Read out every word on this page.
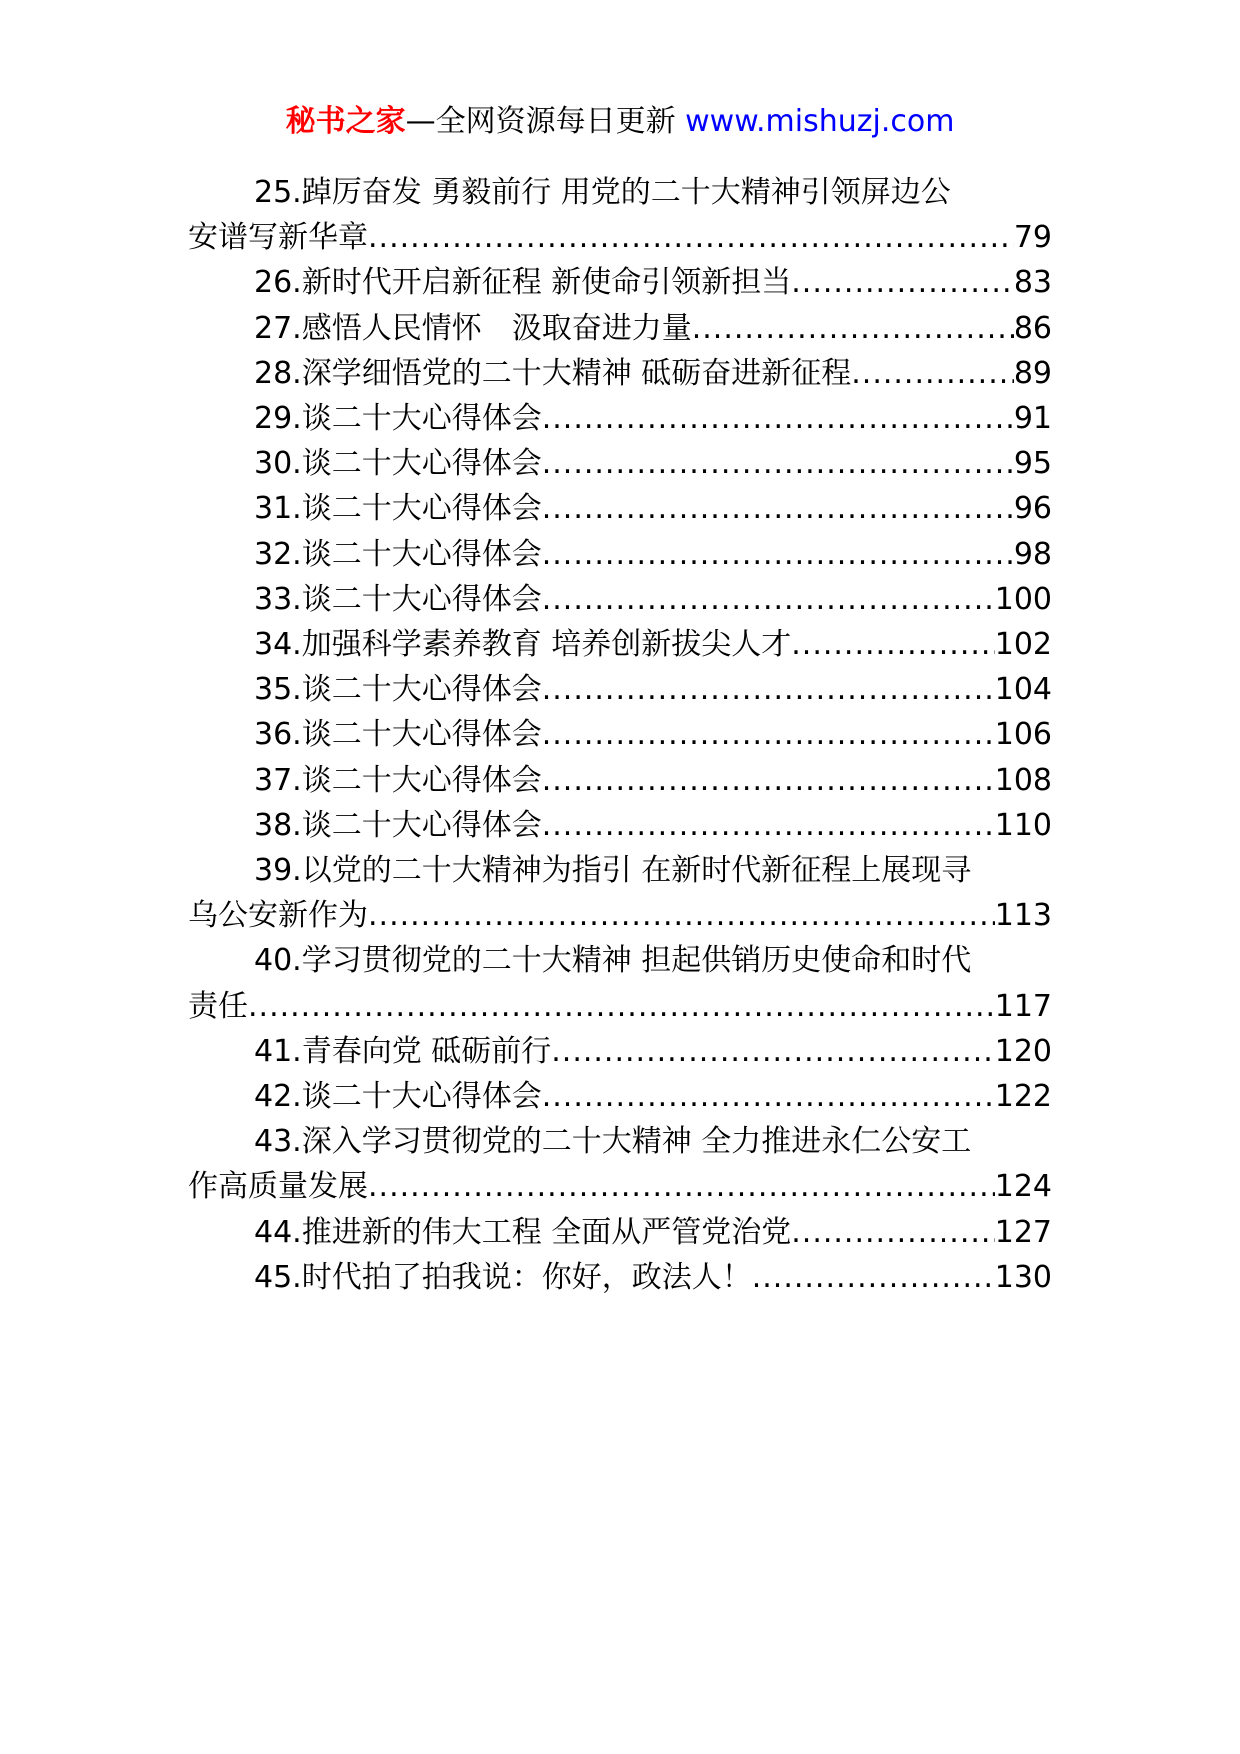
秘书之家—全网资源每日更新 www.mishuzj.com
25.踔厉奋发 勇毅前行 用党的二十大精神引领屏边公
安谱写新华章 .....	79
26.新时代开启新征程 新使命引领新担当 .....	83
27.感悟人民情怀　汲取奋进力量 .....	86
28.深学细悟党的二十大精神 砥砺奋进新征程 .....	89
29.谈二十大心得体会 .....	91
30.谈二十大心得体会 .....	95
31.谈二十大心得体会 .....	96
32.谈二十大心得体会 .....	98
33.谈二十大心得体会 .....	100
34.加强科学素养教育 培养创新拔尖人才 .....	102
35.谈二十大心得体会 .....	104
36.谈二十大心得体会 .....	106
37.谈二十大心得体会 .....	108
38.谈二十大心得体会 .....	110
39.以党的二十大精神为指引 在新时代新征程上展现寻
乌公安新作为 .....	113
40.学习贯彻党的二十大精神 担起供销历史使命和时代
责任 .....	117
41.青春向党 砥砺前行 .....	120
42.谈二十大心得体会 .....	122
43.深入学习贯彻党的二十大精神 全力推进永仁公安工
作高质量发展 .....	124
44.推进新的伟大工程 全面从严管党治党 .....	127
45.时代拍了拍我说：你好，政法人！ .....	130
